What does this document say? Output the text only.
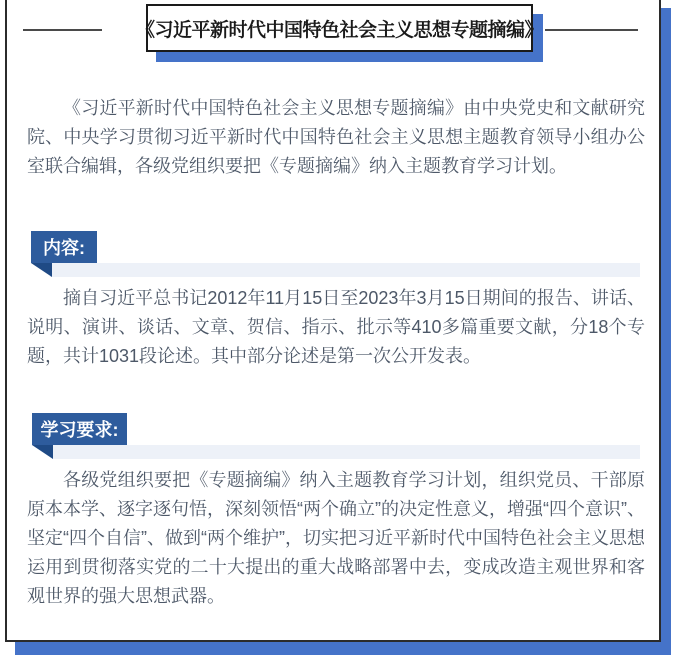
《习近平新时代中国特色社会主义思想专题摘编》

《习近平新时代中国特色社会主义思想专题摘编》由中央党史和文献研究院、中央学习贯彻习近平新时代中国特色社会主义思想主题教育领导小组办公室联合编辑，各级党组织要把《专题摘编》纳入主题教育学习计划。

内容:

摘自习近平总书记2012年11月15日至2023年3月15日期间的报告、讲话、说明、演讲、谈话、文章、贺信、指示、批示等410多篇重要文献，分18个专题，共计1031段论述。其中部分论述是第一次公开发表。

学习要求:

各级党组织要把《专题摘编》纳入主题教育学习计划，组织党员、干部原原本本学、逐字逐句悟，深刻领悟“两个确立”的决定性意义，增强“四个意识”、坚定“四个自信”、做到“两个维护”，切实把习近平新时代中国特色社会主义思想运用到贯彻落实党的二十大提出的重大战略部署中去，变成改造主观世界和客观世界的强大思想武器。
